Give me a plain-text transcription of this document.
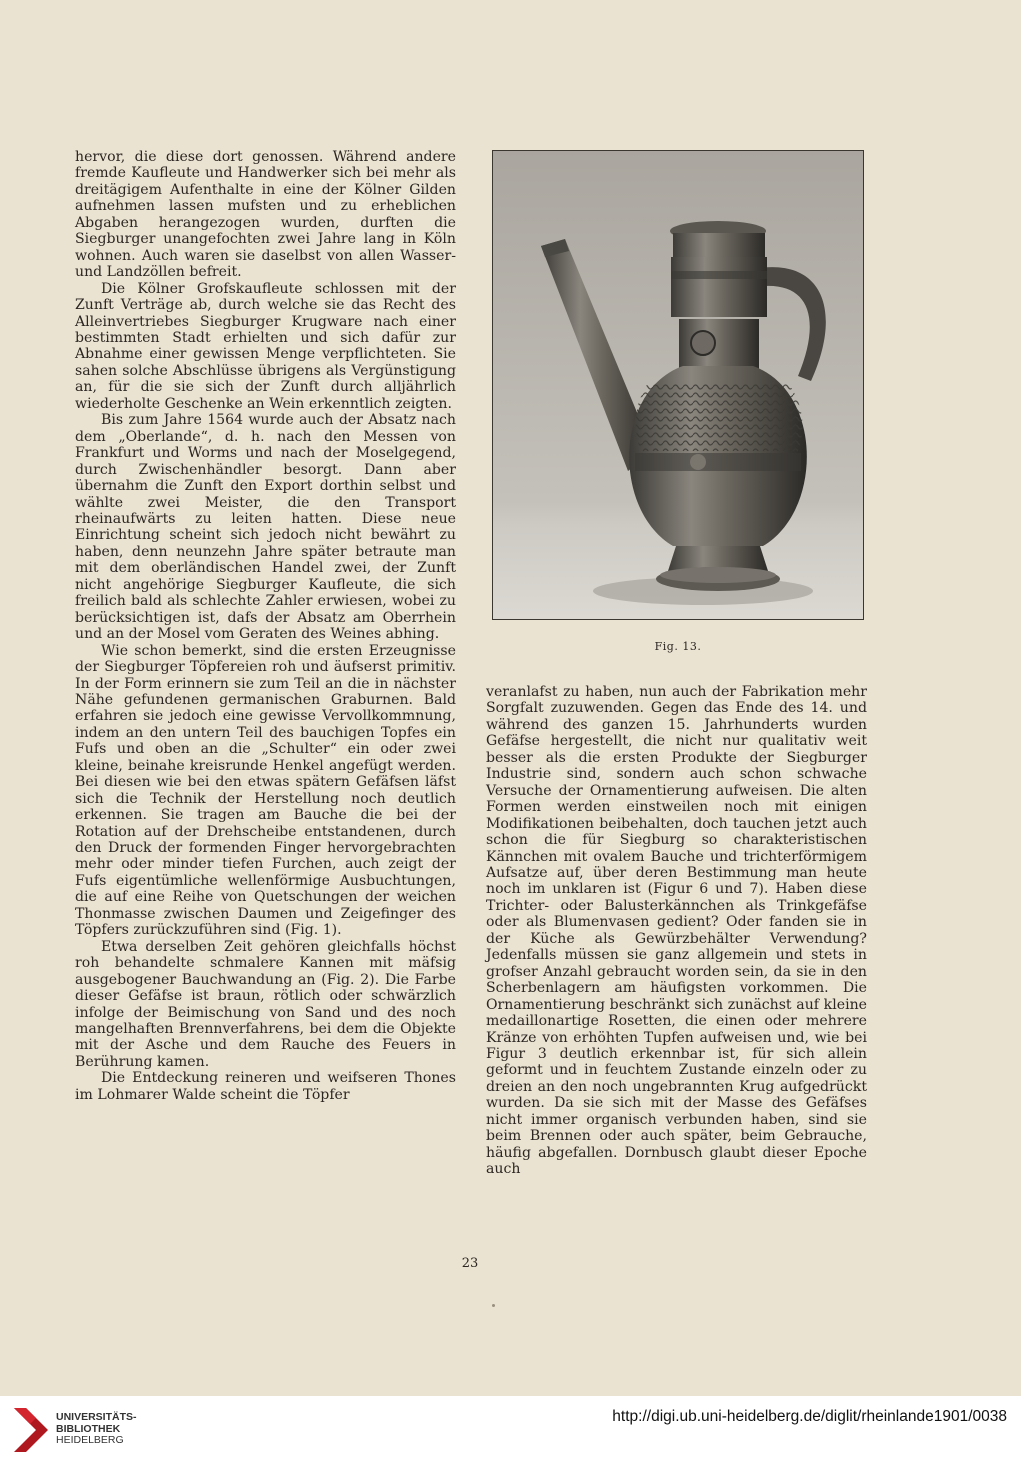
hervor, die diese dort genossen. Während andere fremde Kaufleute und Handwerker sich bei mehr als dreitägigem Aufenthalte in eine der Kölner Gilden aufnehmen lassen mufsten und zu erheblichen Abgaben herangezogen wurden, durften die Siegburger unangefochten zwei Jahre lang in Köln wohnen. Auch waren sie daselbst von allen Wasser- und Landzöllen befreit.

Die Kölner Grofskaufleute schlossen mit der Zunft Verträge ab, durch welche sie das Recht des Alleinvertriebes Siegburger Krugware nach einer bestimmten Stadt erhielten und sich dafür zur Abnahme einer gewissen Menge verpflichteten. Sie sahen solche Abschlüsse übrigens als Vergünstigung an, für die sie sich der Zunft durch alljährlich wiederholte Geschenke an Wein erkenntlich zeigten.

Bis zum Jahre 1564 wurde auch der Absatz nach dem „Oberlande“, d. h. nach den Messen von Frankfurt und Worms und nach der Moselgegend, durch Zwischenhändler besorgt. Dann aber übernahm die Zunft den Export dorthin selbst und wählte zwei Meister, die den Transport rheinaufwärts zu leiten hatten. Diese neue Einrichtung scheint sich jedoch nicht bewährt zu haben, denn neunzehn Jahre später betraute man mit dem oberländischen Handel zwei, der Zunft nicht angehörige Siegburger Kaufleute, die sich freilich bald als schlechte Zahler erwiesen, wobei zu berücksichtigen ist, dafs der Absatz am Oberrhein und an der Mosel vom Geraten des Weines abhing.

Wie schon bemerkt, sind die ersten Erzeugnisse der Siegburger Töpfereien roh und äufserst primitiv. In der Form erinnern sie zum Teil an die in nächster Nähe gefundenen germanischen Graburnen. Bald erfahren sie jedoch eine gewisse Vervollkommnung, indem an den untern Teil des bauchigen Topfes ein Fufs und oben an die „Schulter“ ein oder zwei kleine, beinahe kreisrunde Henkel angefügt werden. Bei diesen wie bei den etwas spätern Gefäfsen läfst sich die Technik der Herstellung noch deutlich erkennen. Sie tragen am Bauche die bei der Rotation auf der Drehscheibe entstandenen, durch den Druck der formenden Finger hervorgebrachten mehr oder minder tiefen Furchen, auch zeigt der Fufs eigentümliche wellenförmige Ausbuchtungen, die auf eine Reihe von Quetschungen der weichen Thonmasse zwischen Daumen und Zeigefinger des Töpfers zurückzuführen sind (Fig. 1).

Etwa derselben Zeit gehören gleichfalls höchst roh behandelte schmalere Kannen mit mäfsig ausgebogener Bauchwandung an (Fig. 2). Die Farbe dieser Gefäfse ist braun, rötlich oder schwärzlich infolge der Beimischung von Sand und des noch mangelhaften Brennverfahrens, bei dem die Objekte mit der Asche und dem Rauche des Feuers in Berührung kamen.

Die Entdeckung reineren und weifseren Thones im Lohmarer Walde scheint die Töpfer

Fig. 13.

veranlafst zu haben, nun auch der Fabrikation mehr Sorgfalt zuzuwenden. Gegen das Ende des 14. und während des ganzen 15. Jahrhunderts wurden Gefäfse hergestellt, die nicht nur qualitativ weit besser als die ersten Produkte der Siegburger Industrie sind, sondern auch schon schwache Versuche der Ornamentierung aufweisen. Die alten Formen werden einstweilen noch mit einigen Modifikationen beibehalten, doch tauchen jetzt auch schon die für Siegburg so charakteristischen Kännchen mit ovalem Bauche und trichterförmigem Aufsatze auf, über deren Bestimmung man heute noch im unklaren ist (Figur 6 und 7). Haben diese Trichter- oder Balusterkännchen als Trinkgefäfse oder als Blumenvasen gedient? Oder fanden sie in der Küche als Gewürzbehälter Verwendung? Jedenfalls müssen sie ganz allgemein und stets in grofser Anzahl gebraucht worden sein, da sie in den Scherbenlagern am häufigsten vorkommen. Die Ornamentierung beschränkt sich zunächst auf kleine medaillonartige Rosetten, die einen oder mehrere Kränze von erhöhten Tupfen aufweisen und, wie bei Figur 3 deutlich erkennbar ist, für sich allein geformt und in feuchtem Zustande einzeln oder zu dreien an den noch ungebrannten Krug aufgedrückt wurden. Da sie sich mit der Masse des Gefäfses nicht immer organisch verbunden haben, sind sie beim Brennen oder auch später, beim Gebrauche, häufig abgefallen. Dornbusch glaubt dieser Epoche auch

23
UNIVERSITÄTS-
BIBLIOTHEK
HEIDELBERG
http://digi.ub.uni-heidelberg.de/diglit/rheinlande1901/0038
